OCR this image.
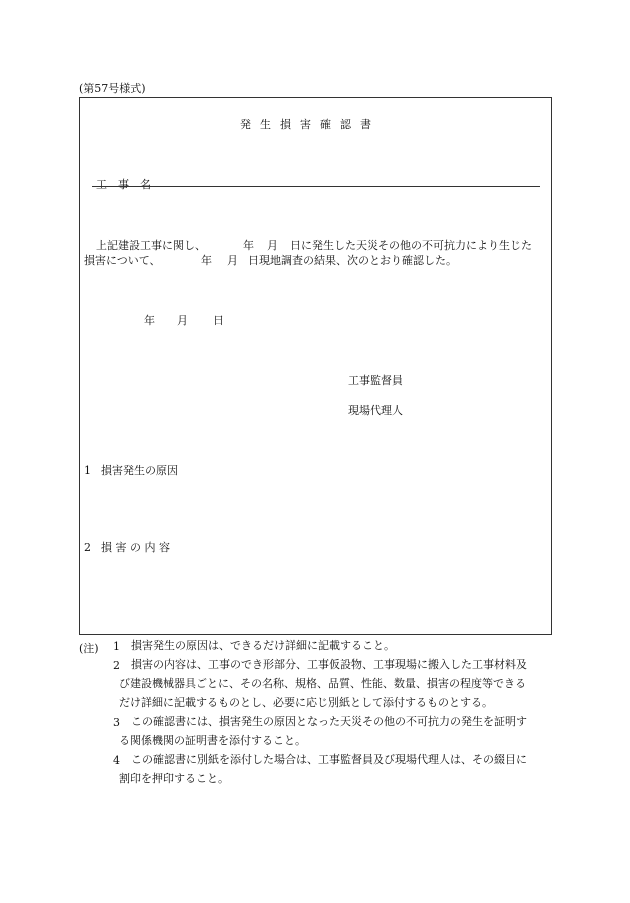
(第57号様式)
発生損害確認書
工　事　名
上記建設工事に関し、	年 月 日に発生した天災その他の不可抗力により生じた
損害について、	年 月 日現地調査の結果、次のとおり確認した。
年 月 日
工事監督員
現場代理人
1 損害発生の原因
2 損 害 の 内 容
(注) 1 損害発生の原因は、できるだけ詳細に記載すること。
2 損害の内容は、工事のでき形部分、工事仮設物、工事現場に搬入した工事材料及
び建設機械器具ごとに、その名称、規格、品質、性能、数量、損害の程度等できる
だけ詳細に記載するものとし、必要に応じ別紙として添付するものとする。
3 この確認書には、損害発生の原因となった天災その他の不可抗力の発生を証明す
る関係機関の証明書を添付すること。
4 この確認書に別紙を添付した場合は、工事監督員及び現場代理人は、その綴目に
割印を押印すること。
